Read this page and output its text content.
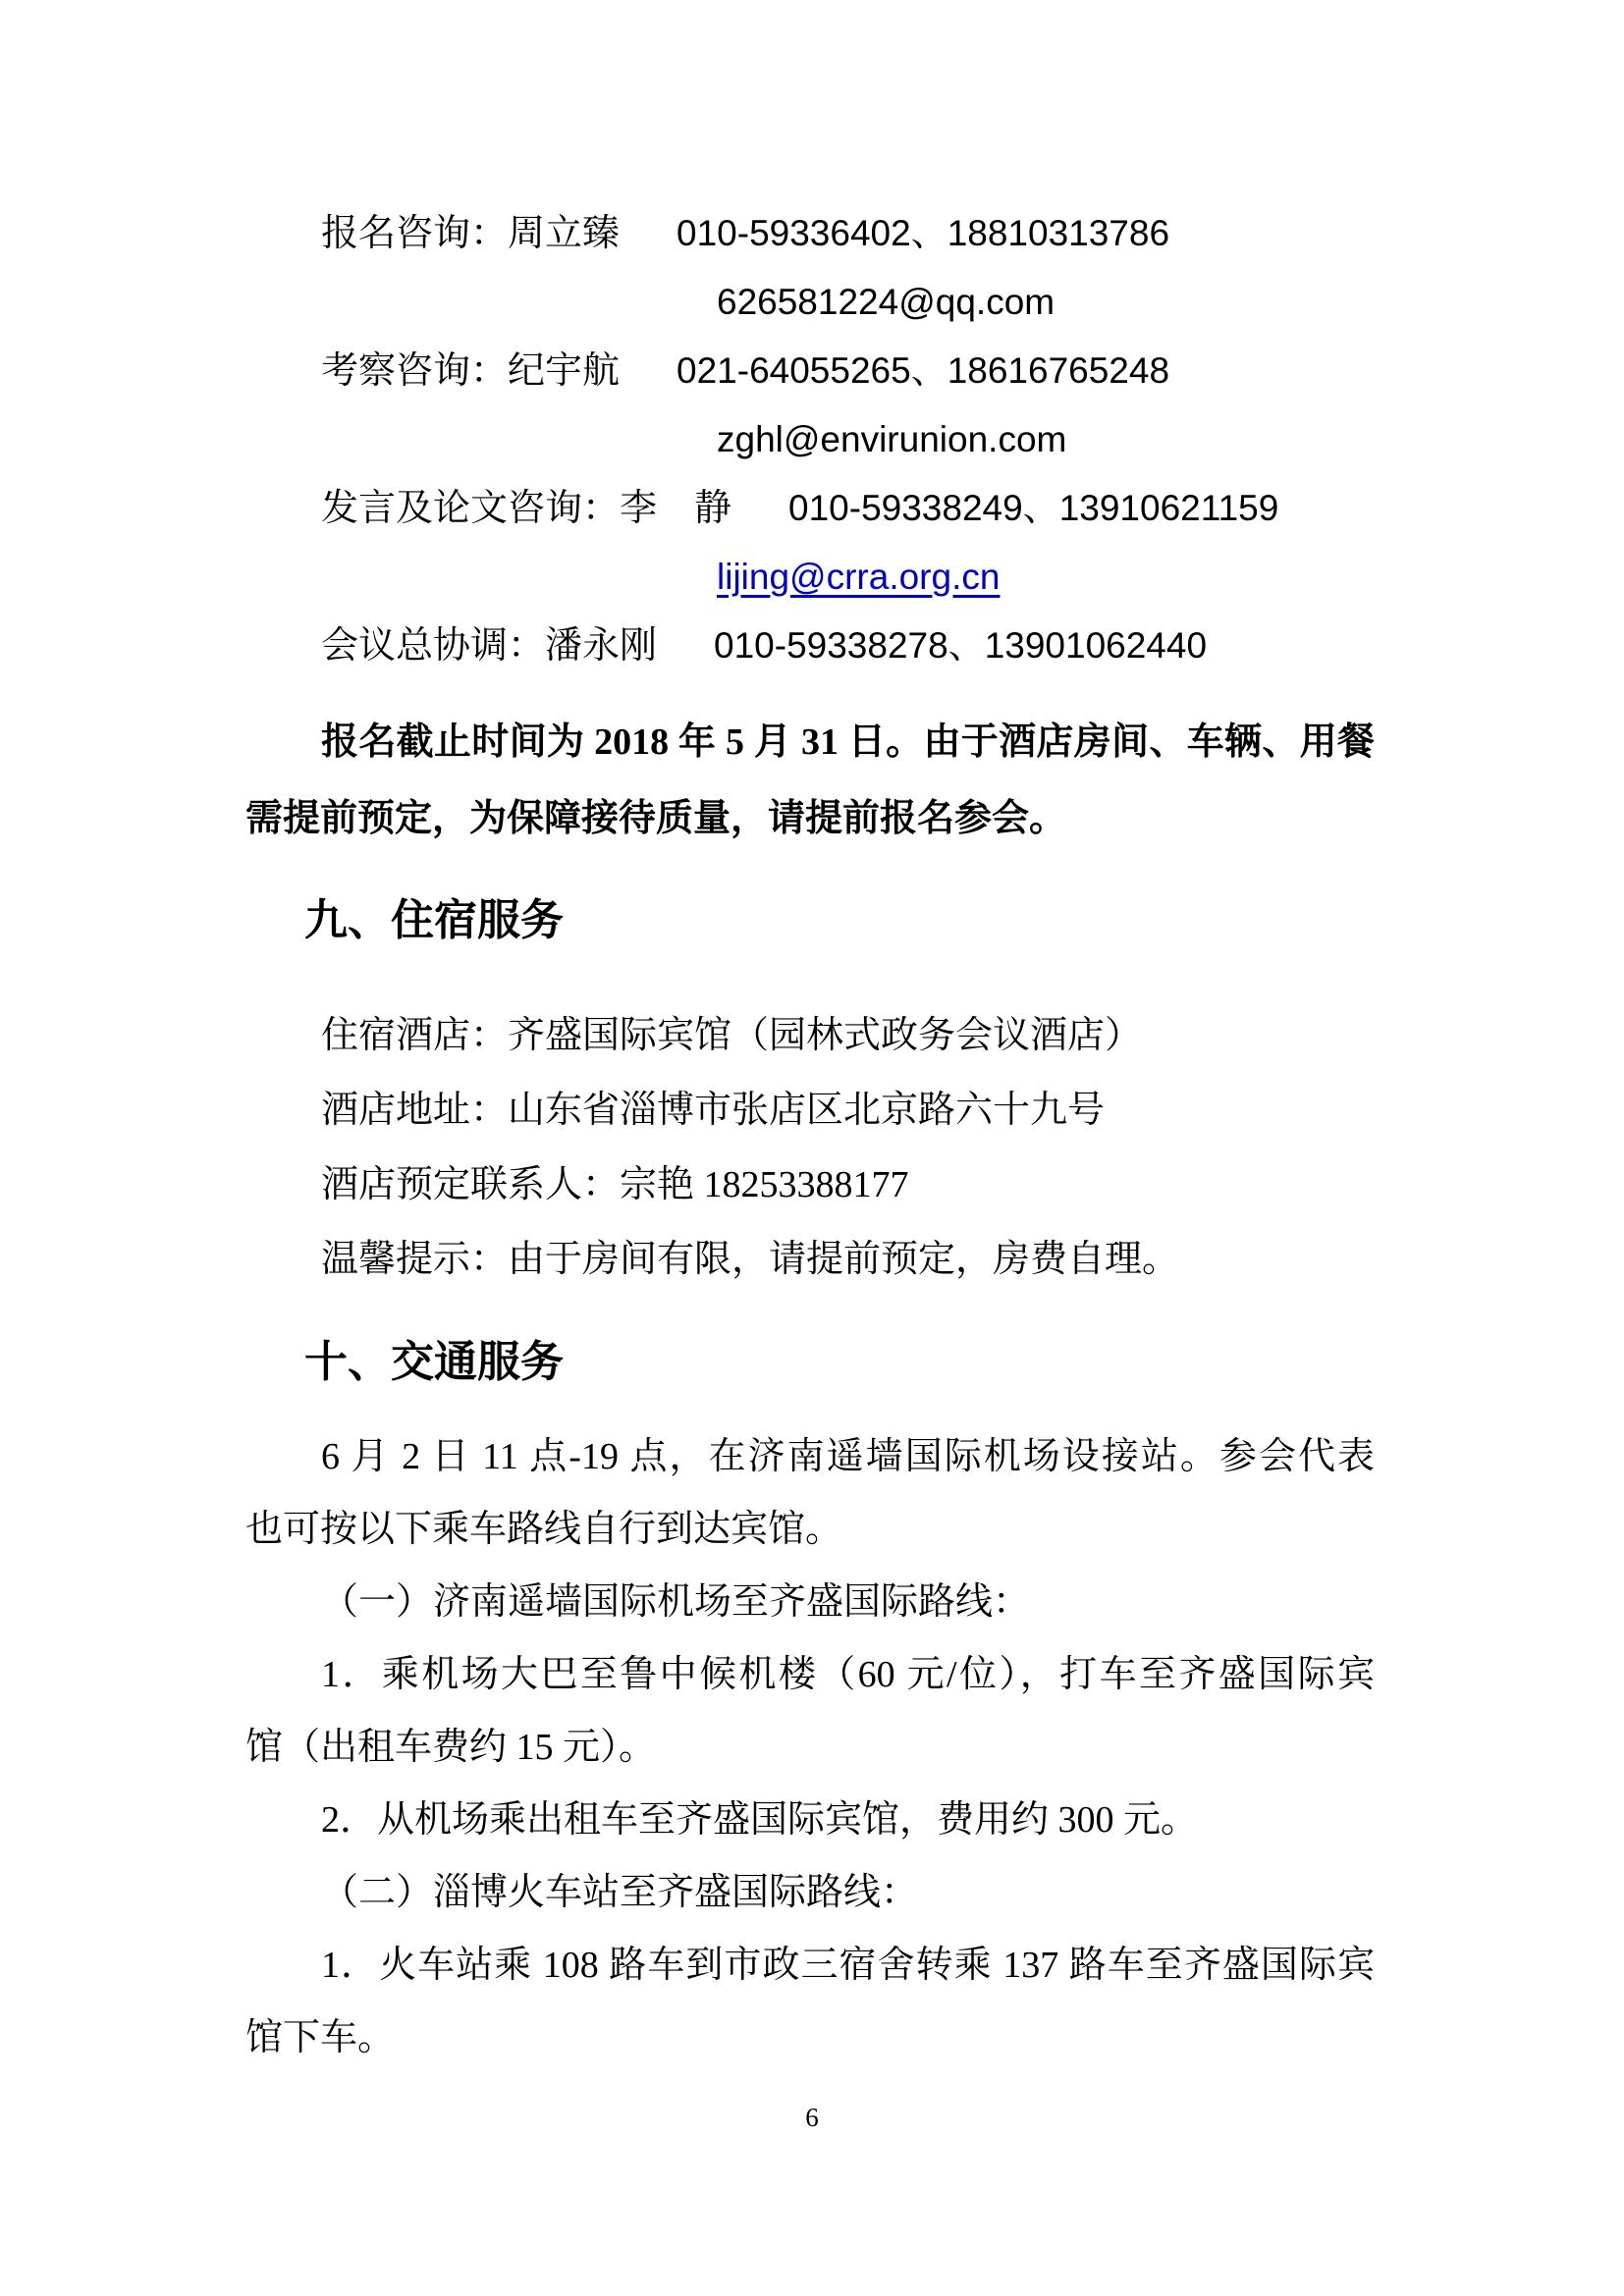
报名咨询：周立臻 010-59336402、18810313786
626581224@qq.com
考察咨询：纪宇航 021-64055265、18616765248
zghl@envirunion.com
发言及论文咨询：李　静 010-59338249、13910621159
lijing@crra.org.cn
会议总协调：潘永刚 010-59338278、13901062440
报名截止时间为 2018 年 5 月 31 日。由于酒店房间、车辆、用餐
需提前预定，为保障接待质量，请提前报名参会。
九、住宿服务
住宿酒店：齐盛国际宾馆（园林式政务会议酒店）
酒店地址：山东省淄博市张店区北京路六十九号
酒店预定联系人：宗艳 18253388177
温馨提示：由于房间有限，请提前预定，房费自理。
十、交通服务
6 月 2 日 11 点-19 点，在济南遥墙国际机场设接站。参会代表
也可按以下乘车路线自行到达宾馆。
（一）济南遥墙国际机场至齐盛国际路线：
1．乘机场大巴至鲁中候机楼（60 元/位），打车至齐盛国际宾
馆（出租车费约 15 元）。
2．从机场乘出租车至齐盛国际宾馆，费用约 300 元。
（二）淄博火车站至齐盛国际路线：
1．火车站乘 108 路车到市政三宿舍转乘 137 路车至齐盛国际宾
馆下车。
6
